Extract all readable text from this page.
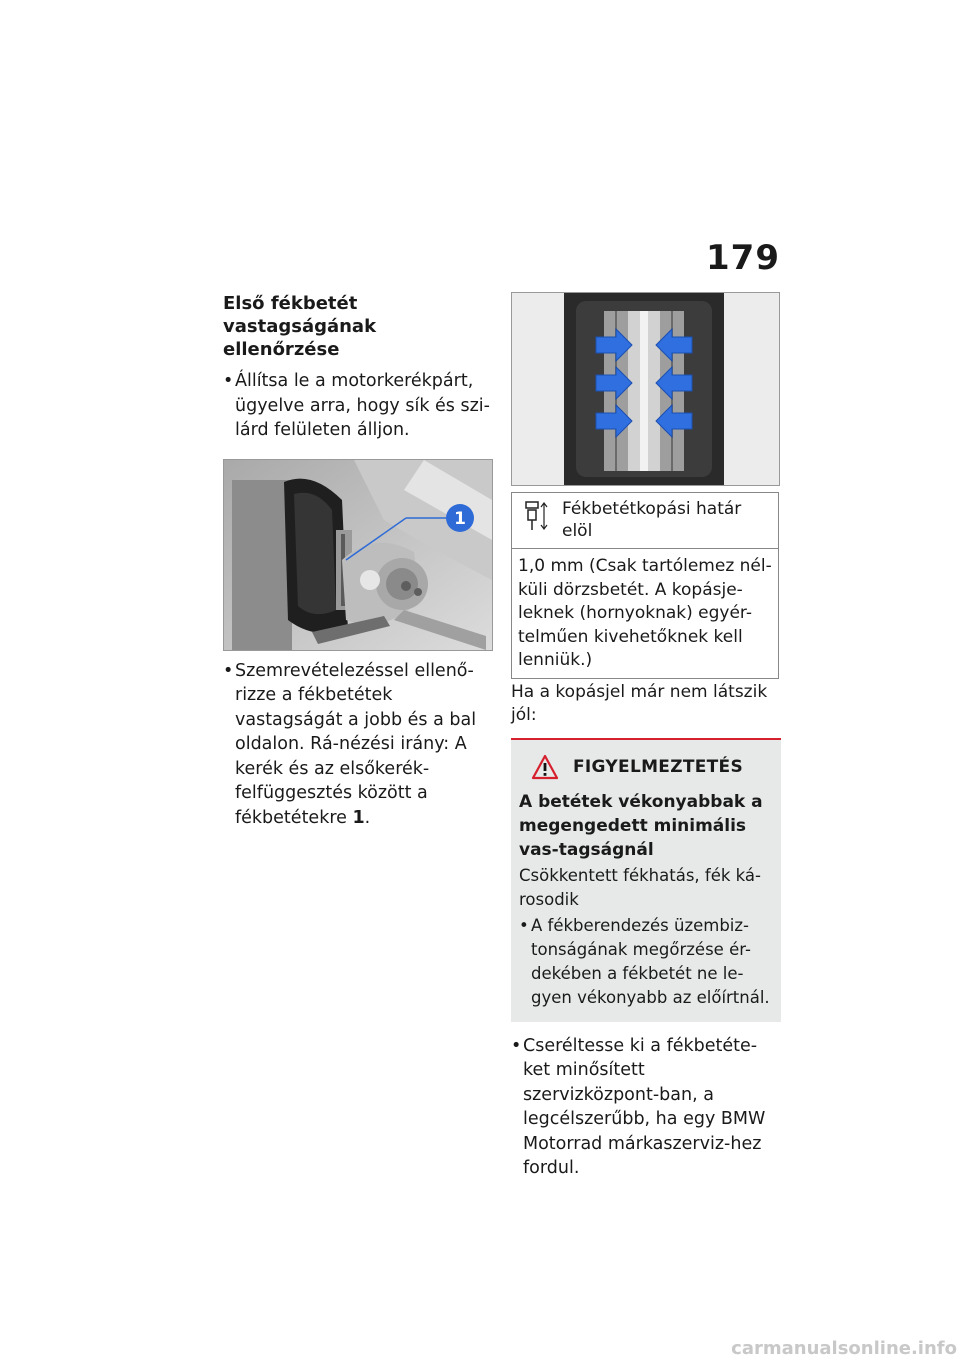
179
Első fékbetét vastagságának ellenőrzése
• Állítsa le a motorkerékpárt, ügyelve arra, hogy sík és szi-lárd felületen álljon.
1
• Szemrevételezéssel ellenő-rizze a fékbetétek vastagságát a jobb és a bal oldalon. Rá-nézési irány: A kerék és az elsőkerék-felfüggesztés között a fékbetétekre 1.
Fékbetétkopási határ elöl
1,0 mm (Csak tartólemez nél-küli dörzsbetét. A kopásje-leknek (hornyoknak) egyér-telműen kivehetőknek kell lenniük.)
Ha a kopásjel már nem látszik jól:
FIGYELMEZTETÉS
A betétek vékonyabbak a megengedett minimális vas-tagságnál
Csökkentett fékhatás, fék ká-rosodik
• A fékberendezés üzembiz-tonságának megőrzése ér-dekében a fékbetét ne le-gyen vékonyabb az előírtnál.
• Cseréltesse ki a fékbetéte-ket minősített szervizközpont-ban, a legcélszerűbb, ha egy BMW Motorrad márkaszerviz-hez fordul.
carmanualsonline.info
